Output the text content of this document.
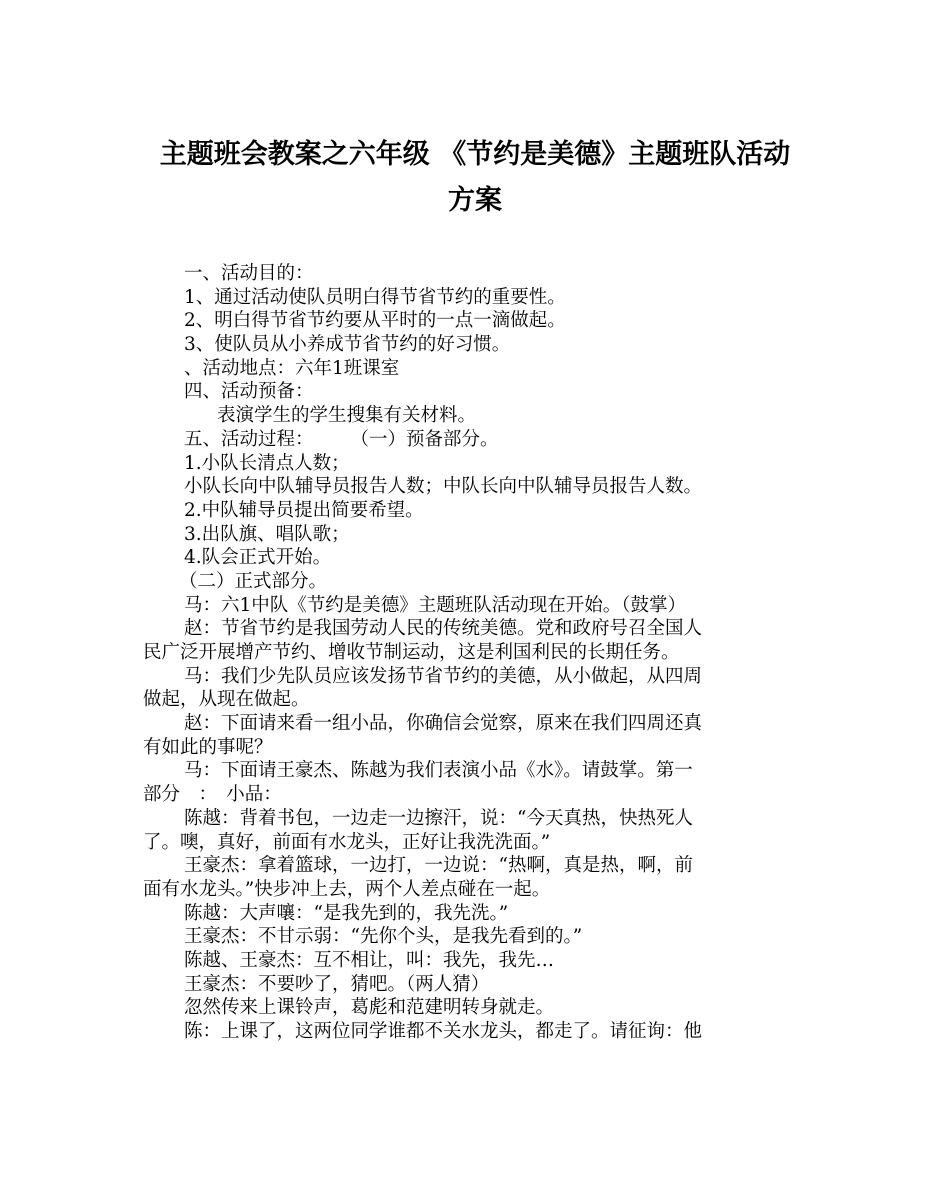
主题班会教案之六年级 《节约是美德》主题班队活动
方案
一、活动目的：
1、通过活动使队员明白得节省节约的重要性。
2、明白得节省节约要从平时的一点一滴做起。
3、使队员从小养成节省节约的好习惯。
、活动地点：六年1班课室
四、活动预备：
表演学生的学生搜集有关材料。
五、活动过程：　　　（一）预备部分。
1.小队长清点人数；
小队长向中队辅导员报告人数；中队长向中队辅导员报告人数。
2.中队辅导员提出简要希望。
3.出队旗、唱队歌；
4.队会正式开始。
（二）正式部分。
马：六1中队《节约是美德》主题班队活动现在开始。（鼓掌）
赵：节省节约是我国劳动人民的传统美德。党和政府号召全国人
民广泛开展增产节约、增收节制运动，这是利国利民的长期任务。
马：我们少先队员应该发扬节省节约的美德，从小做起，从四周
做起，从现在做起。
赵：下面请来看一组小品，你确信会觉察，原来在我们四周还真
有如此的事呢？
马：下面请王豪杰、陈越为我们表演小品《水》。请鼓掌。第一
部分　：　小品：
陈越：背着书包，一边走一边擦汗，说：“今天真热，快热死人
了。噢，真好，前面有水龙头，正好让我洗洗面。”
王豪杰：拿着篮球，一边打，一边说：“热啊，真是热，啊，前
面有水龙头。”快步冲上去，两个人差点碰在一起。
陈越：大声嚷：“是我先到的，我先洗。”
王豪杰：不甘示弱：“先你个头，是我先看到的。”
陈越、王豪杰：互不相让，叫：我先，我先…
王豪杰：不要吵了，猜吧。（两人猜）
忽然传来上课铃声，葛彪和范建明转身就走。
陈：上课了，这两位同学谁都不关水龙头，都走了。请征询：他
